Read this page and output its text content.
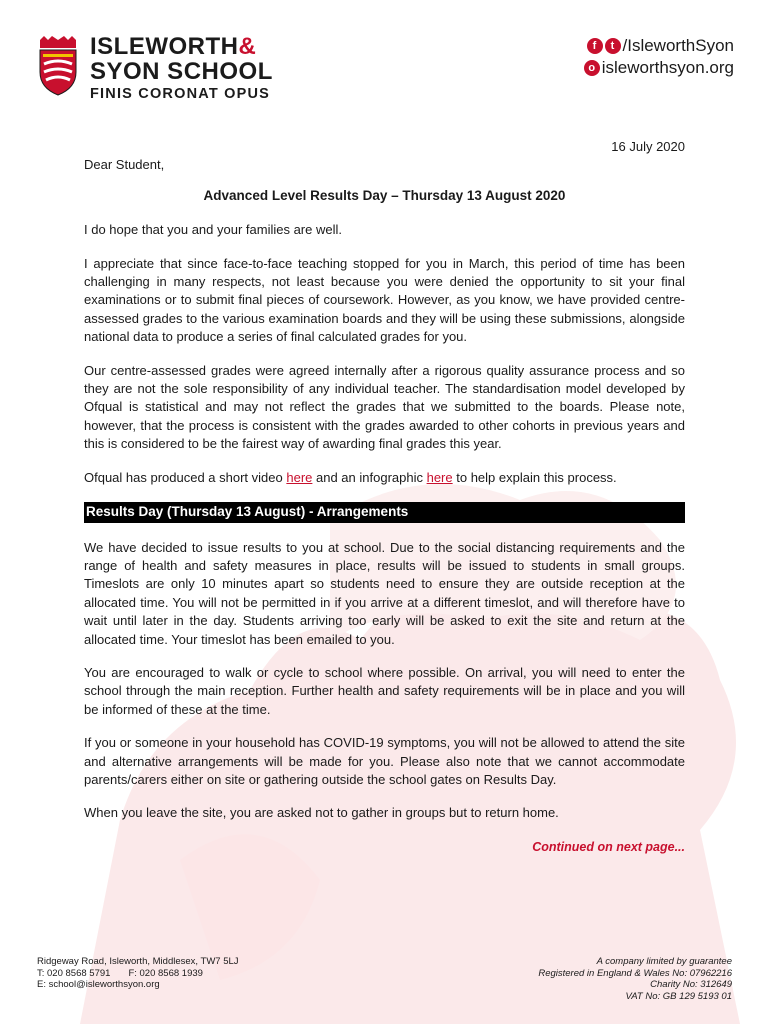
ISLEWORTH&
SYON SCHOOL
FINIS CORONAT OPUS
f	t /IsleworthSyon
o isleworthsyon.org
16 July 2020
Dear Student,
Advanced Level Results Day – Thursday 13 August 2020

I do hope that you and your families are well.

I appreciate that since face-to-face teaching stopped for you in March, this period of time has been challenging in many respects, not least because you were denied the opportunity to sit your final examinations or to submit final pieces of coursework. However, as you know, we have provided centre-assessed grades to the various examination boards and they will be using these submissions, alongside national data to produce a series of final calculated grades for you.

Our centre-assessed grades were agreed internally after a rigorous quality assurance process and so they are not the sole responsibility of any individual teacher. The standardisation model developed by Ofqual is statistical and may not reflect the grades that we submitted to the boards. Please note, however, that the process is consistent with the grades awarded to other cohorts in previous years and this is considered to be the fairest way of awarding final grades this year.

Ofqual has produced a short video here and an infographic here to help explain this process.

Results Day (Thursday 13 August) - Arrangements

We have decided to issue results to you at school. Due to the social distancing requirements and the range of health and safety measures in place, results will be issued to students in small groups. Timeslots are only 10 minutes apart so students need to ensure they are outside reception at the allocated time. You will not be permitted in if you arrive at a different timeslot, and will therefore have to wait until later in the day. Students arriving too early will be asked to exit the site and return at the allocated time. Your timeslot has been emailed to you.

You are encouraged to walk or cycle to school where possible. On arrival, you will need to enter the school through the main reception. Further health and safety requirements will be in place and you will be informed of these at the time.

If you or someone in your household has COVID-19 symptoms, you will not be allowed to attend the site and alternative arrangements will be made for you. Please also note that we cannot accommodate parents/carers either on site or gathering outside the school gates on Results Day.

When you leave the site, you are asked not to gather in groups but to return home.

Continued on next page...
Ridgeway Road, Isleworth, Middlesex, TW7 5LJ
T: 020 8568 5791 F: 020 8568 1939
E: school@isleworthsyon.org
A company limited by guarantee
Registered in England & Wales No: 07962216
Charity No: 312649
VAT No: GB 129 5193 01
